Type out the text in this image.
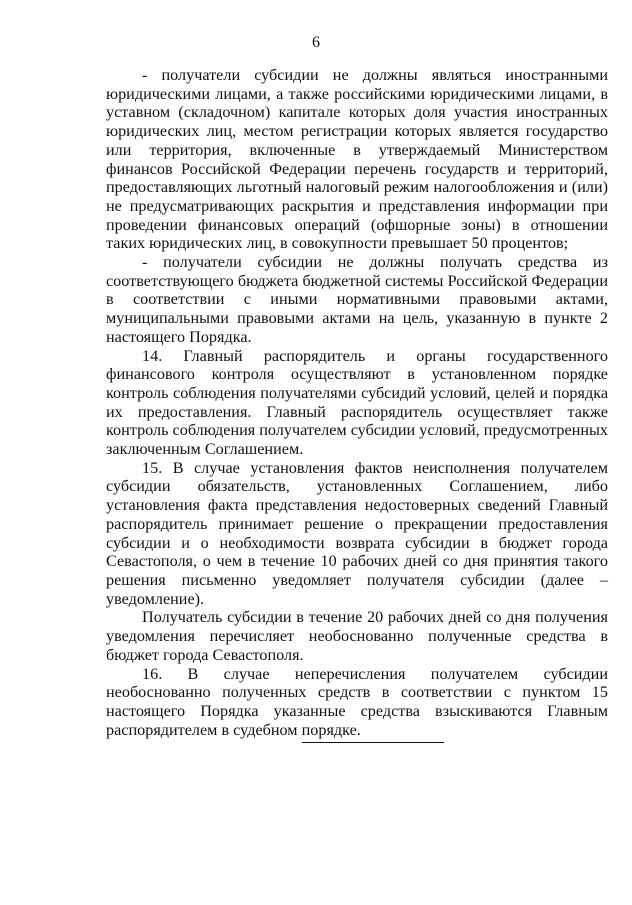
6

- получатели субсидии не должны являться иностранными юридическими лицами, а также российскими юридическими лицами, в уставном (складочном) капитале которых доля участия иностранных юридических лиц, местом регистрации которых является государство или территория, включенные в утверждаемый Министерством финансов Российской Федерации перечень государств и территорий, предоставляющих льготный налоговый режим налогообложения и (или) не предусматривающих раскрытия и представления информации при проведении финансовых операций (офшорные зоны) в отношении таких юридических лиц, в совокупности превышает 50 процентов;

- получатели субсидии не должны получать средства из соответствующего бюджета бюджетной системы Российской Федерации в соответствии с иными нормативными правовыми актами, муниципальными правовыми актами на цель, указанную в пункте 2 настоящего Порядка.

14. Главный распорядитель и органы государственного финансового контроля осуществляют в установленном порядке контроль соблюдения получателями субсидий условий, целей и порядка их предоставления. Главный распорядитель осуществляет также контроль соблюдения получателем субсидии условий, предусмотренных заключенным Соглашением.

15. В случае установления фактов неисполнения получателем субсидии обязательств, установленных Соглашением, либо установления факта представления недостоверных сведений Главный распорядитель принимает решение о прекращении предоставления субсидии и о необходимости возврата субсидии в бюджет города Севастополя, о чем в течение 10 рабочих дней со дня принятия такого решения письменно уведомляет получателя субсидии (далее – уведомление).

Получатель субсидии в течение 20 рабочих дней со дня получения уведомления перечисляет необоснованно полученные средства в бюджет города Севастополя.

16. В случае неперечисления получателем субсидии необоснованно полученных средств в соответствии с пунктом 15 настоящего Порядка указанные средства взыскиваются Главным распорядителем в судебном порядке.
